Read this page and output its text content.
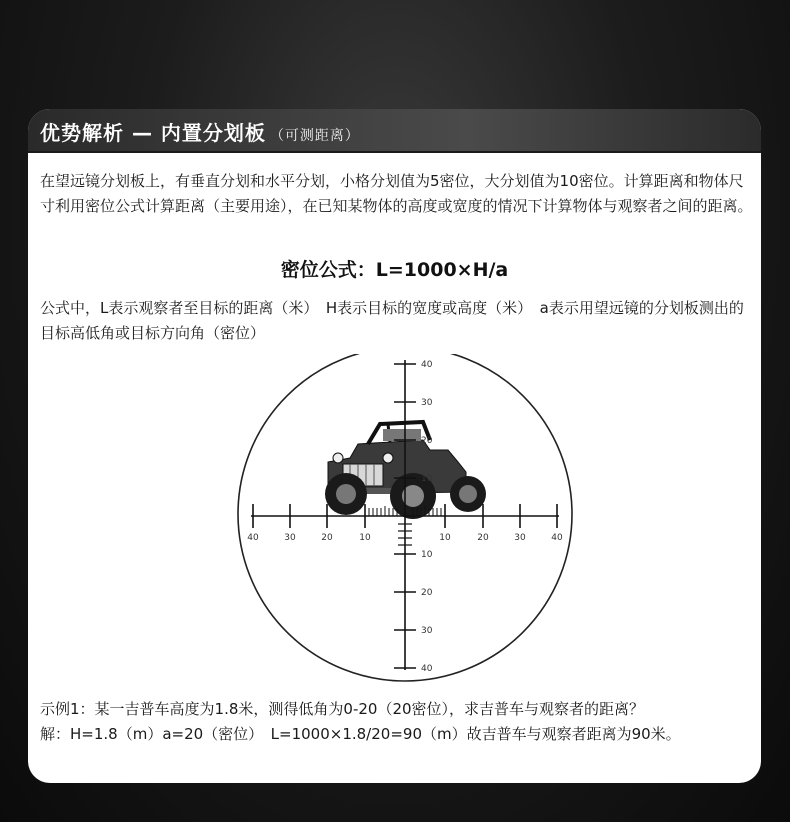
优势解析 — 内置分划板 （可测距离）
在望远镜分划板上，有垂直分划和水平分划，小格分划值为5密位，大分划值为10密位。计算距离和物体尺寸利用密位公式计算距离（主要用途），在已知某物体的高度或宽度的情况下计算物体与观察者之间的距离。
密位公式：L=1000×H/a
公式中，L表示观察者至目标的距离（米）　H表示目标的宽度或高度（米）　a表示用望远镜的分划板测出的目标高低角或目标方向角（密位）
40
30
20
10
10
20
30
40
40	30	20	10	10	20	30	40
示例1：某一吉普车高度为1.8米，测得低角为0-20（20密位），求吉普车与观察者的距离？
解：H=1.8（m）a=20（密位）　L=1000×1.8/20=90（m）故吉普车与观察者距离为90米。
